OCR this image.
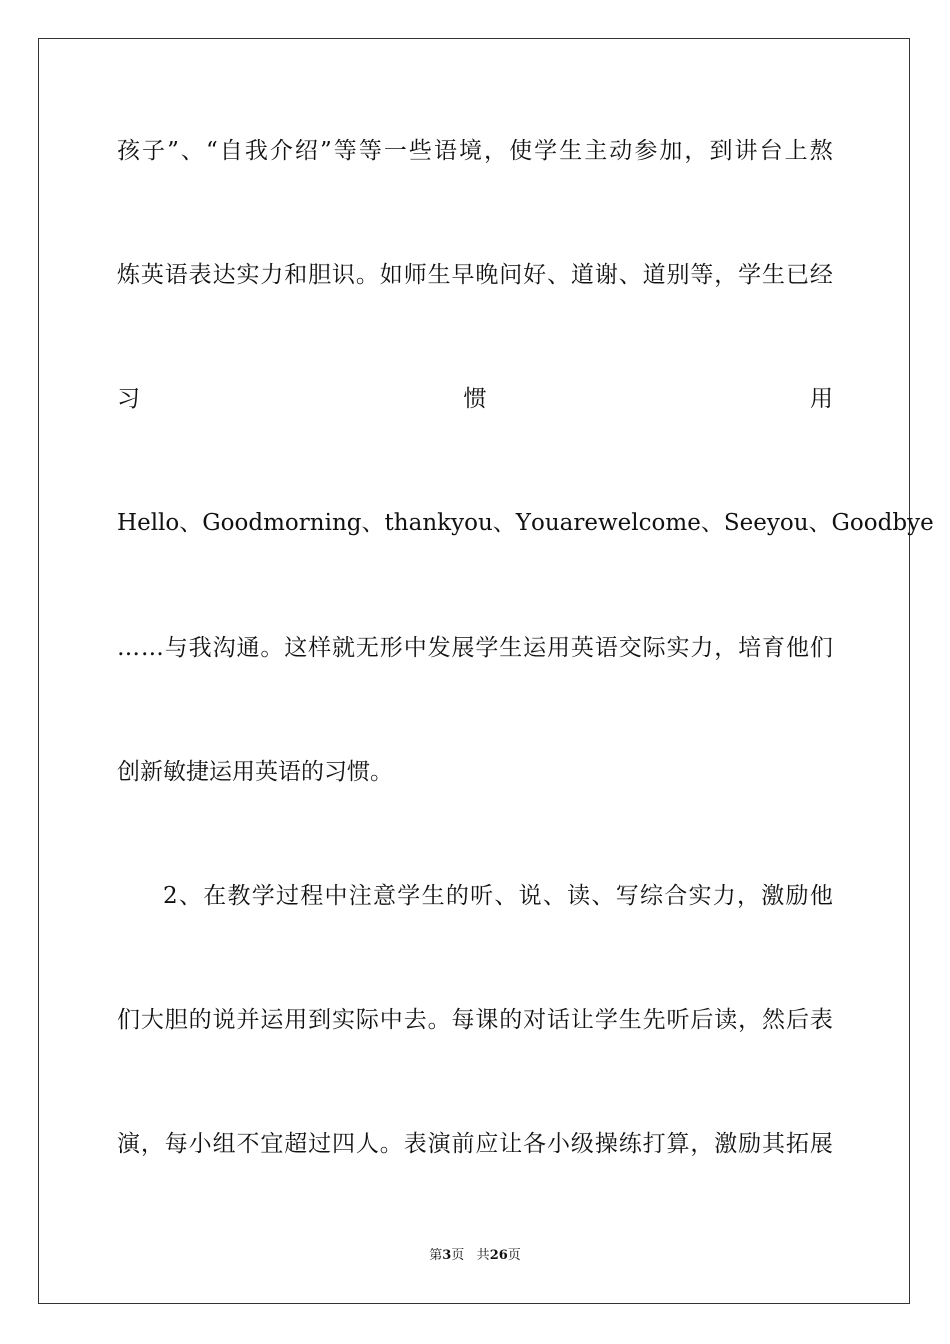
孩 子 ” 、 “ 自 我 介 绍 ” 等 等 一 些 语 境 ， 使 学 生 主 动 参 加 ， 到 讲 台 上 熬
炼 英 语 表 达 实 力 和 胆 识 。 如 师 生 早 晚 问 好 、 道 谢 、 道 别 等 ， 学 生 已 经
习	惯	用
H e l l o 、 G o o d m o r n i n g 、 t h a n k y o u 、 Y o u a r e w e l c o m e 、 S e e y o u 、 G o o d b y e
… … 与 我 沟 通 。 这 样 就 无 形 中 发 展 学 生 运 用 英 语 交 际 实 力 ， 培 育 他 们
创新敏捷运用英语的习惯。
2 、 在 教 学 过 程 中 注 意 学 生 的 听 、 说 、 读 、 写 综 合 实 力 ， 激 励 他
们 大 胆 的 说 并 运 用 到 实 际 中 去 。 每 课 的 对 话 让 学 生 先 听 后 读 ， 然 后 表
演 ， 每 小 组 不 宜 超 过 四 人 。 表 演 前 应 让 各 小 级 操 练 打 算 ， 激 励 其 拓 展
第3页 共26页
